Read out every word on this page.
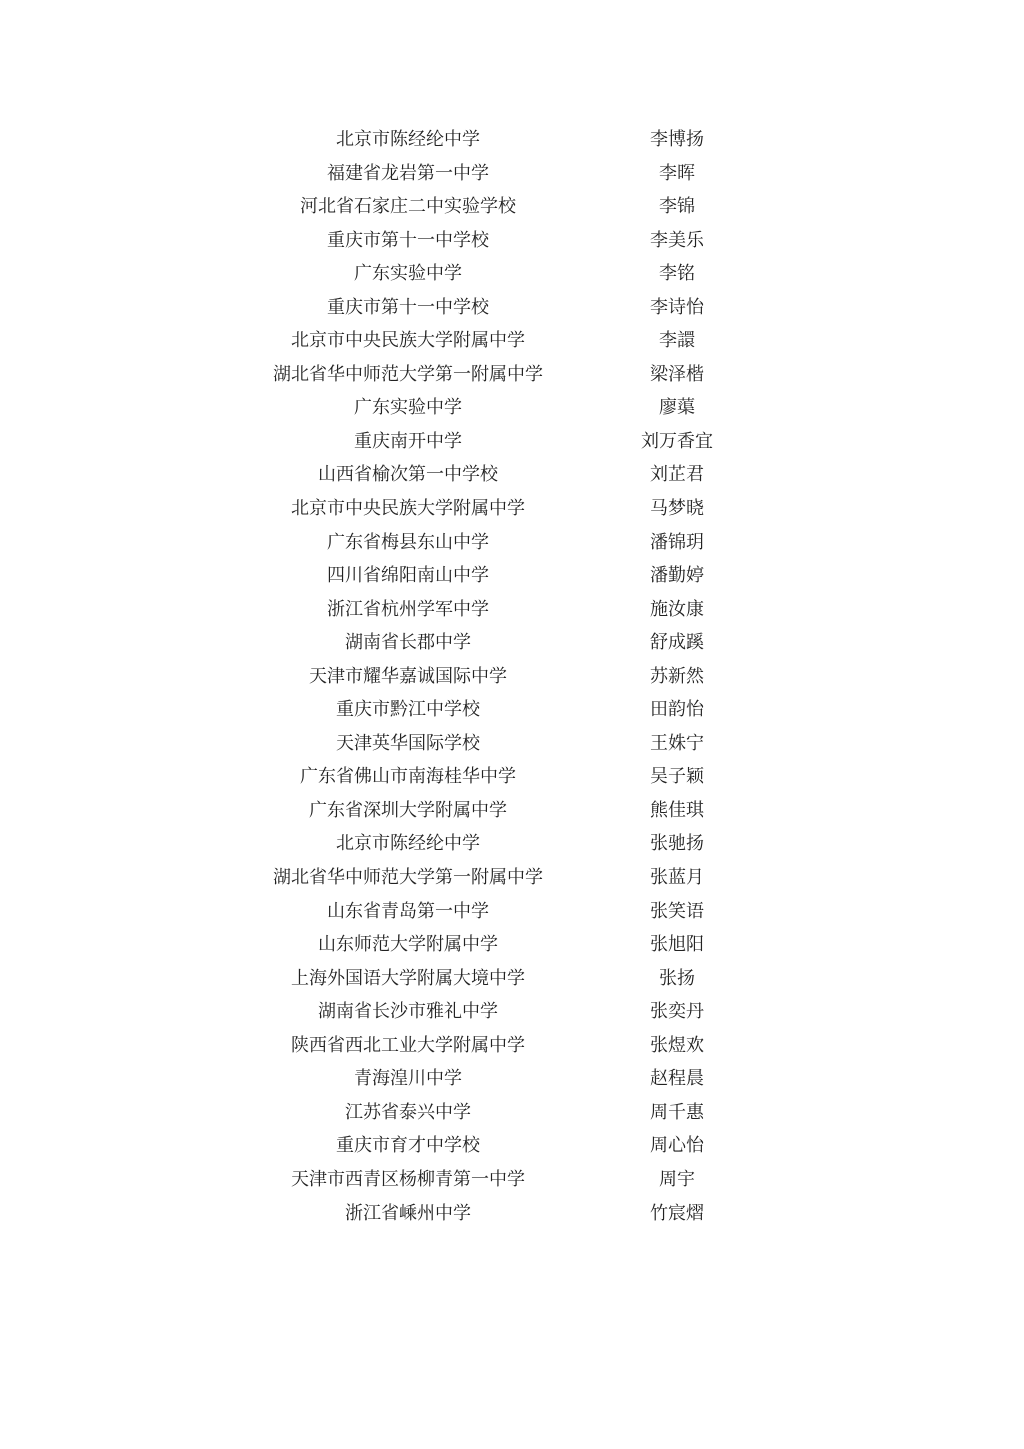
北京市陈经纶中学	李博扬
福建省龙岩第一中学	李晖
河北省石家庄二中实验学校	李锦
重庆市第十一中学校	李美乐
广东实验中学	李铭
重庆市第十一中学校	李诗怡
北京市中央民族大学附属中学	李譞
湖北省华中师范大学第一附属中学	梁泽楷
广东实验中学	廖蕖
重庆南开中学	刘万香宜
山西省榆次第一中学校	刘芷君
北京市中央民族大学附属中学	马梦晓
广东省梅县东山中学	潘锦玥
四川省绵阳南山中学	潘勤婷
浙江省杭州学军中学	施汝康
湖南省长郡中学	舒成蹊
天津市耀华嘉诚国际中学	苏新然
重庆市黔江中学校	田韵怡
天津英华国际学校	王姝宁
广东省佛山市南海桂华中学	吴子颖
广东省深圳大学附属中学	熊佳琪
北京市陈经纶中学	张驰扬
湖北省华中师范大学第一附属中学	张蓝月
山东省青岛第一中学	张笑语
山东师范大学附属中学	张旭阳
上海外国语大学附属大境中学	张扬
湖南省长沙市雅礼中学	张奕丹
陕西省西北工业大学附属中学	张煜欢
青海湟川中学	赵程晨
江苏省泰兴中学	周千惠
重庆市育才中学校	周心怡
天津市西青区杨柳青第一中学	周宇
浙江省嵊州中学	竹宸熠
